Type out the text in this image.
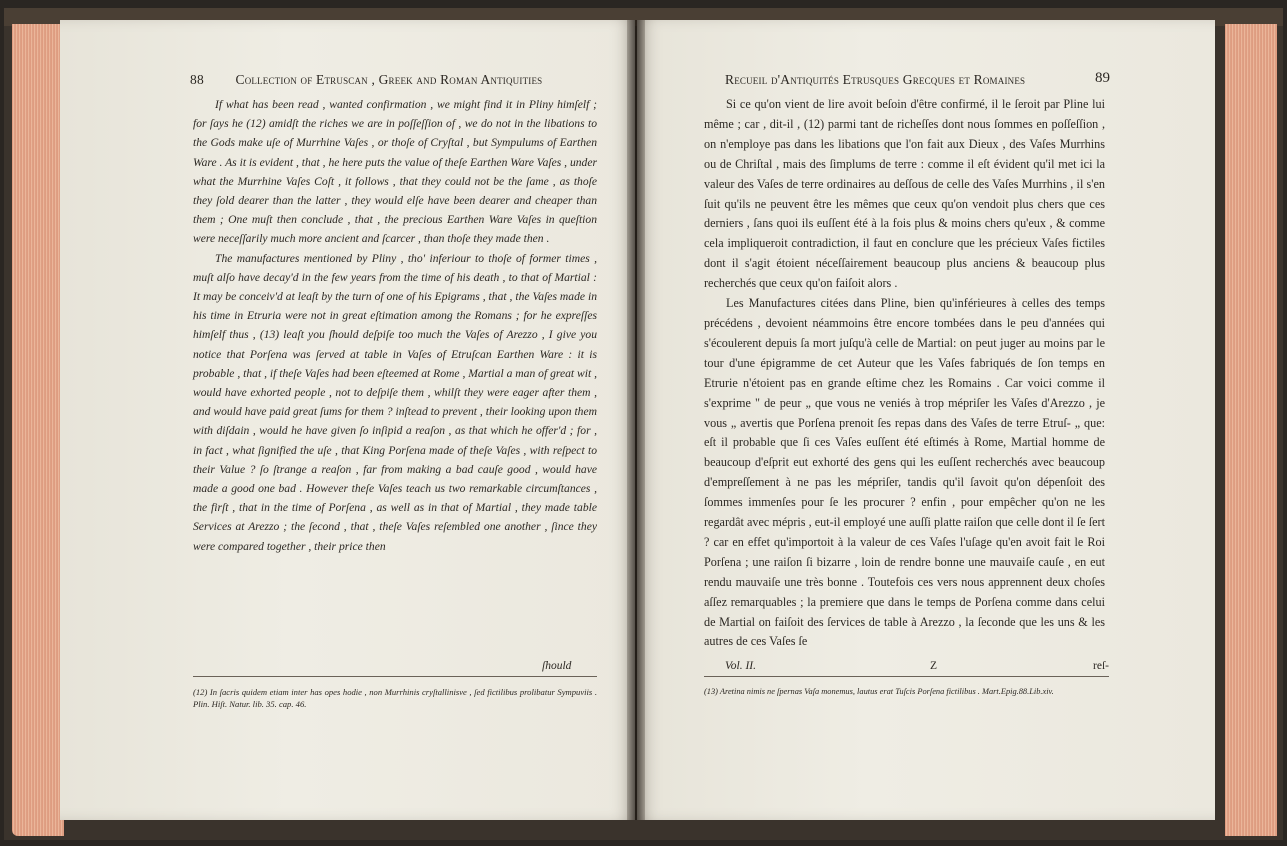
88 Collection of Etruscan , Greek and Roman Antiquities

If what has been read , wanted confirmation , we might find it in Pliny himſelf ; for ſays he (12) amidſt the riches we are in poſſeſſion of , we do not in the libations to the Gods make uſe of Murrhine Vaſes , or thoſe of Cryſtal , but Sympulums of Earthen Ware . As it is evident , that , he here puts the value of theſe Earthen Ware Vaſes , under what the Murrhine Vaſes Coſt , it follows , that they could not be the ſame , as thoſe they ſold dearer than the latter , they would elſe have been dearer and cheaper than them ; One muſt then conclude , that , the precious Earthen Ware Vaſes in queſtion were neceſſarily much more ancient and ſcarcer , than thoſe they made then .

The manufactures mentioned by Pliny , tho' inferiour to thoſe of former times , muſt alſo have decay'd in the few years from the time of his death , to that of Martial : It may be conceiv'd at leaſt by the turn of one of his Epigrams , that , the Vaſes made in his time in Etruria were not in great eſtimation among the Romans ; for he expreſſes himſelf thus , (13) leaſt you ſhould deſpiſe too much the Vaſes of Arezzo , I give you notice that Porſena was ſerved at table in Vaſes of Etruſcan Earthen Ware : it is probable , that , if theſe Vaſes had been eſteemed at Rome , Martial a man of great wit , would have exhorted people , not to deſpiſe them , whilſt they were eager after them , and would have paid great ſums for them ? inſtead to prevent , their looking upon them with diſdain , would he have given ſo inſipid a reaſon , as that which he offer'd ; for , in fact , what ſignified the uſe , that King Porſena made of theſe Vaſes , with reſpect to their Value ? ſo ſtrange a reaſon , far from making a bad cauſe good , would have made a good one bad . However theſe Vaſes teach us two remarkable circumſtances , the firſt , that in the time of Porſena , as well as in that of Martial , they made table Services at Arezzo ; the ſecond , that , theſe Vaſes reſembled one another , ſince they were compared together , their price then

ſhould
(12) In ſacris quidem etiam inter has opes hodie , non Murrhinis cryſtallinisve , ſed fictilibus prolibatur Sympuviis . Plin. Hiſt. Natur. lib. 35. cap. 46.
Recueil d'Antiquités Etrusques Grecques et Romaines	89

Si ce qu'on vient de lire avoit beſoin d'être confirmé, il le ſeroit par Pline lui même ; car , dit-il , (12) parmi tant de richeſſes dont nous ſommes en poſſeſſion , on n'employe pas dans les libations que l'on fait aux Dieux , des Vaſes Murrhins ou de Chriſtal , mais des ſimplums de terre : comme il eſt évident qu'il met ici la valeur des Vaſes de terre ordinaires au deſſous de celle des Vaſes Murrhins , il s'en ſuit qu'ils ne peuvent être les mêmes que ceux qu'on vendoit plus chers que ces derniers , ſans quoi ils euſſent été à la fois plus & moins chers qu'eux , & comme cela impliqueroit contradiction, il faut en conclure que les précieux Vaſes fictiles dont il s'agit étoient néceſſairement beaucoup plus anciens & beaucoup plus recherchés que ceux qu'on faiſoit alors .

Les Manufactures citées dans Pline, bien qu'inférieures à celles des temps précédens , devoient néammoins être encore tombées dans le peu d'années qui s'écoulerent depuis ſa mort juſqu'à celle de Martial: on peut juger au moins par le tour d'une épigramme de cet Auteur que les Vaſes fabriqués de ſon temps en Etrurie n'étoient pas en grande eſtime chez les Romains . Car voici comme il s'exprime " de peur „ que vous ne veniés à trop mépriſer les Vaſes d'Arezzo , je vous „ avertis que Porſena prenoit ſes repas dans des Vaſes de terre Etruſ- „ que: eſt il probable que ſi ces Vaſes euſſent été eſtimés à Rome, Martial homme de beaucoup d'eſprit eut exhorté des gens qui les euſſent recherchés avec beaucoup d'empreſſement à ne pas les mépriſer, tandis qu'il ſavoit qu'on dépenſoit des ſommes immenſes pour ſe les procurer ? enfin , pour empêcher qu'on ne les regardât avec mépris , eut-il employé une auſſi platte raiſon que celle dont il ſe ſert ? car en effet qu'importoit à la valeur de ces Vaſes l'uſage qu'en avoit fait le Roi Porſena ; une raiſon ſi bizarre , loin de rendre bonne une mauvaiſe cauſe , en eut rendu mauvaiſe une très bonne . Toutefois ces vers nous apprennent deux choſes aſſez remarquables ; la premiere que dans le temps de Porſena comme dans celui de Martial on faiſoit des ſervices de table à Arezzo , la ſeconde que les uns & les autres de ces Vaſes ſe

Vol. II.	Z	reſ-
(13) Aretina nimis ne ſpernas Vaſa monemus, lautus erat Tuſcis Porſena fictilibus . Mart.Epig.88.Lib.xiv.
